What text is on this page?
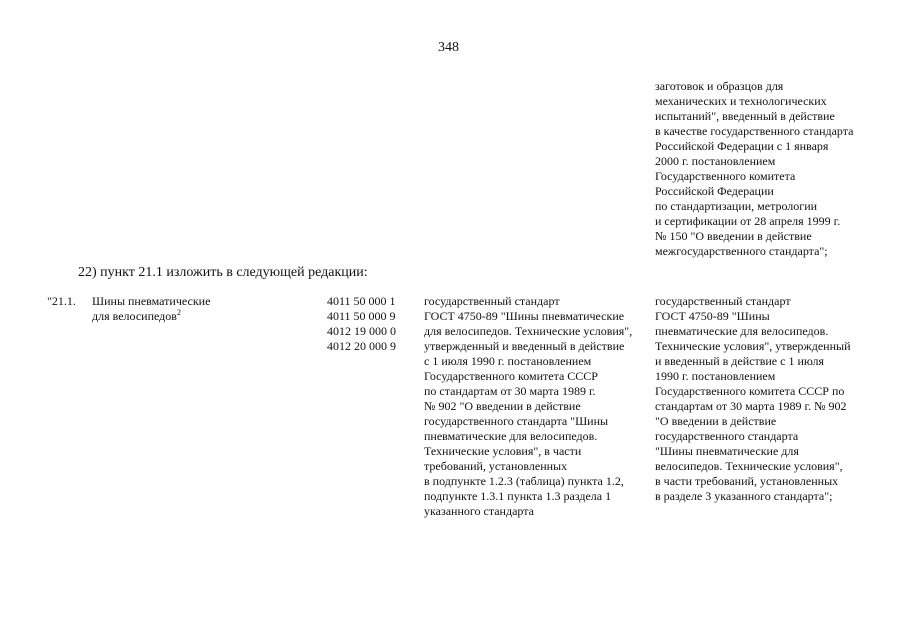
348
заготовок и образцов для
механических и технологических
испытаний", введенный в действие
в качестве государственного стандарта
Российской Федерации с 1 января
2000 г. постановлением
Государственного комитета
Российской Федерации
по стандартизации, метрологии
и сертификации от 28 апреля 1999 г.
№ 150 "О введении в действие
межгосударственного стандарта";
22) пункт 21.1 изложить в следующей редакции:
"21.1. Шины пневматические
для велосипедов$^2$
4011 50 000 1
4011 50 000 9
4012 19 000 0
4012 20 000 9
государственный стандарт
ГОСТ 4750-89 "Шины пневматические
для велосипедов. Технические условия",
утвержденный и введенный в действие
с 1 июля 1990 г. постановлением
Государственного комитета СССР
по стандартам от 30 марта 1989 г.
№ 902 "О введении в действие
государственного стандарта "Шины
пневматические для велосипедов.
Технические условия", в части
требований, установленных
в подпункте 1.2.3 (таблица) пункта 1.2,
подпункте 1.3.1 пункта 1.3 раздела 1
указанного стандарта
государственный стандарт
ГОСТ 4750-89 "Шины
пневматические для велосипедов.
Технические условия", утвержденный
и введенный в действие с 1 июля
1990 г. постановлением
Государственного комитета СССР по
стандартам от 30 марта 1989 г. № 902
"О введении в действие
государственного стандарта
"Шины пневматические для
велосипедов. Технические условия",
в части требований, установленных
в разделе 3 указанного стандарта";
